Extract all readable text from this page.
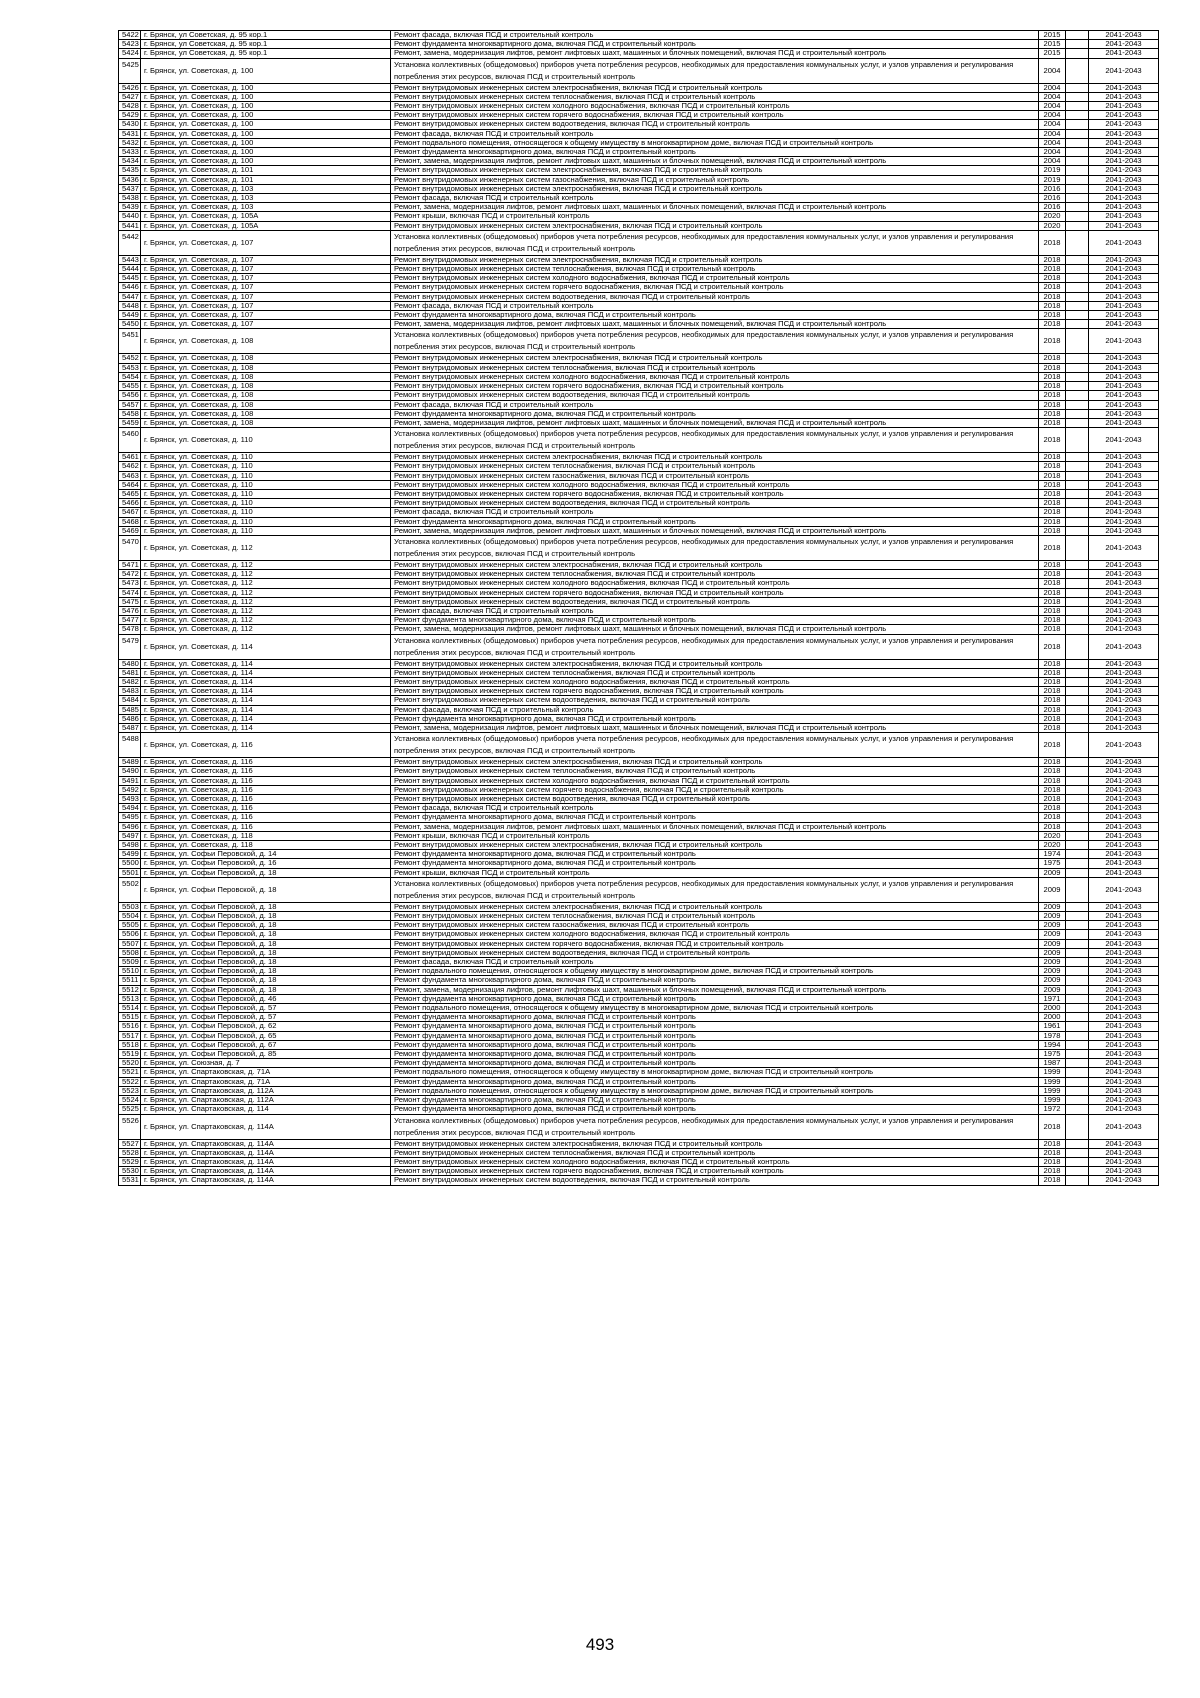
5422	г. Брянск, ул Советская, д. 95 кор.1	Ремонт фасада, включая ПСД и строительный контроль	2015		2041-2043
5423	г. Брянск, ул Советская, д. 95 кор.1	Ремонт фундамента многоквартирного дома, включая ПСД и строительный контроль	2015		2041-2043
5424	г. Брянск, ул Советская, д. 95 кор.1	Ремонт, замена, модернизация лифтов, ремонт лифтовых шахт, машинных и блочных помещений, включая ПСД и строительный контроль	2015		2041-2043
5425	г. Брянск, ул. Советская, д. 100	Установка коллективных (общедомовых) приборов учета потребления ресурсов, необходимых для предоставления коммунальных услуг, и узлов управления и регулирования потребления этих ресурсов, включая ПСД и строительный контроль	2004		2041-2043
5426	г. Брянск, ул. Советская, д. 100	Ремонт внутридомовых инженерных систем электроснабжения, включая ПСД и строительный контроль	2004		2041-2043
5427	г. Брянск, ул. Советская, д. 100	Ремонт внутридомовых инженерных систем теплоснабжения, включая ПСД и строительный контроль	2004		2041-2043
5428	г. Брянск, ул. Советская, д. 100	Ремонт внутридомовых инженерных систем холодного водоснабжения, включая ПСД и строительный контроль	2004		2041-2043
5429	г. Брянск, ул. Советская, д. 100	Ремонт внутридомовых инженерных систем горячего водоснабжения, включая ПСД и строительный контроль	2004		2041-2043
5430	г. Брянск, ул. Советская, д. 100	Ремонт внутридомовых инженерных систем водоотведения, включая ПСД и строительный контроль	2004		2041-2043
5431	г. Брянск, ул. Советская, д. 100	Ремонт фасада, включая ПСД и строительный контроль	2004		2041-2043
5432	г. Брянск, ул. Советская, д. 100	Ремонт подвального помещения, относящегося к общему имуществу в многоквартирном доме, включая ПСД и строительный контроль	2004		2041-2043
5433	г. Брянск, ул. Советская, д. 100	Ремонт фундамента многоквартирного дома, включая ПСД и строительный контроль	2004		2041-2043
5434	г. Брянск, ул. Советская, д. 100	Ремонт, замена, модернизация лифтов, ремонт лифтовых шахт, машинных и блочных помещений, включая ПСД и строительный контроль	2004		2041-2043
5435	г. Брянск, ул. Советская, д. 101	Ремонт внутридомовых инженерных систем электроснабжения, включая ПСД и строительный контроль	2019		2041-2043
5436	г. Брянск, ул. Советская, д. 101	Ремонт внутридомовых инженерных систем газоснабжения, включая ПСД и строительный контроль	2019		2041-2043
5437	г. Брянск, ул. Советская, д. 103	Ремонт внутридомовых инженерных систем электроснабжения, включая ПСД и строительный контроль	2016		2041-2043
5438	г. Брянск, ул. Советская, д. 103	Ремонт фасада, включая ПСД и строительный контроль	2016		2041-2043
5439	г. Брянск, ул. Советская, д. 103	Ремонт, замена, модернизация лифтов, ремонт лифтовых шахт, машинных и блочных помещений, включая ПСД и строительный контроль	2016		2041-2043
5440	г. Брянск, ул. Советская, д. 105А	Ремонт крыши, включая ПСД и строительный контроль	2020		2041-2043
5441	г. Брянск, ул. Советская, д. 105А	Ремонт внутридомовых инженерных систем электроснабжения, включая ПСД и строительный контроль	2020		2041-2043
5442	г. Брянск, ул. Советская, д. 107	Установка коллективных (общедомовых) приборов учета потребления ресурсов, необходимых для предоставления коммунальных услуг, и узлов управления и регулирования потребления этих ресурсов, включая ПСД и строительный контроль	2018		2041-2043
5443	г. Брянск, ул. Советская, д. 107	Ремонт внутридомовых инженерных систем электроснабжения, включая ПСД и строительный контроль	2018		2041-2043
5444	г. Брянск, ул. Советская, д. 107	Ремонт внутридомовых инженерных систем теплоснабжения, включая ПСД и строительный контроль	2018		2041-2043
5445	г. Брянск, ул. Советская, д. 107	Ремонт внутридомовых инженерных систем холодного водоснабжения, включая ПСД и строительный контроль	2018		2041-2043
5446	г. Брянск, ул. Советская, д. 107	Ремонт внутридомовых инженерных систем горячего водоснабжения, включая ПСД и строительный контроль	2018		2041-2043
5447	г. Брянск, ул. Советская, д. 107	Ремонт внутридомовых инженерных систем водоотведения, включая ПСД и строительный контроль	2018		2041-2043
5448	г. Брянск, ул. Советская, д. 107	Ремонт фасада, включая ПСД и строительный контроль	2018		2041-2043
5449	г. Брянск, ул. Советская, д. 107	Ремонт фундамента многоквартирного дома, включая ПСД и строительный контроль	2018		2041-2043
5450	г. Брянск, ул. Советская, д. 107	Ремонт, замена, модернизация лифтов, ремонт лифтовых шахт, машинных и блочных помещений, включая ПСД и строительный контроль	2018		2041-2043
5451	г. Брянск, ул. Советская, д. 108	Установка коллективных (общедомовых) приборов учета потребления ресурсов, необходимых для предоставления коммунальных услуг, и узлов управления и регулирования потребления этих ресурсов, включая ПСД и строительный контроль	2018		2041-2043
5452	г. Брянск, ул. Советская, д. 108	Ремонт внутридомовых инженерных систем электроснабжения, включая ПСД и строительный контроль	2018		2041-2043
5453	г. Брянск, ул. Советская, д. 108	Ремонт внутридомовых инженерных систем теплоснабжения, включая ПСД и строительный контроль	2018		2041-2043
5454	г. Брянск, ул. Советская, д. 108	Ремонт внутридомовых инженерных систем холодного водоснабжения, включая ПСД и строительный контроль	2018		2041-2043
5455	г. Брянск, ул. Советская, д. 108	Ремонт внутридомовых инженерных систем горячего водоснабжения, включая ПСД и строительный контроль	2018		2041-2043
5456	г. Брянск, ул. Советская, д. 108	Ремонт внутридомовых инженерных систем водоотведения, включая ПСД и строительный контроль	2018		2041-2043
5457	г. Брянск, ул. Советская, д. 108	Ремонт фасада, включая ПСД и строительный контроль	2018		2041-2043
5458	г. Брянск, ул. Советская, д. 108	Ремонт фундамента многоквартирного дома, включая ПСД и строительный контроль	2018		2041-2043
5459	г. Брянск, ул. Советская, д. 108	Ремонт, замена, модернизация лифтов, ремонт лифтовых шахт, машинных и блочных помещений, включая ПСД и строительный контроль	2018		2041-2043
5460	г. Брянск, ул. Советская, д. 110	Установка коллективных (общедомовых) приборов учета потребления ресурсов, необходимых для предоставления коммунальных услуг, и узлов управления и регулирования потребления этих ресурсов, включая ПСД и строительный контроль	2018		2041-2043
5461	г. Брянск, ул. Советская, д. 110	Ремонт внутридомовых инженерных систем электроснабжения, включая ПСД и строительный контроль	2018		2041-2043
5462	г. Брянск, ул. Советская, д. 110	Ремонт внутридомовых инженерных систем теплоснабжения, включая ПСД и строительный контроль	2018		2041-2043
5463	г. Брянск, ул. Советская, д. 110	Ремонт внутридомовых инженерных систем газоснабжения, включая ПСД и строительный контроль	2018		2041-2043
5464	г. Брянск, ул. Советская, д. 110	Ремонт внутридомовых инженерных систем холодного водоснабжения, включая ПСД и строительный контроль	2018		2041-2043
5465	г. Брянск, ул. Советская, д. 110	Ремонт внутридомовых инженерных систем горячего водоснабжения, включая ПСД и строительный контроль	2018		2041-2043
5466	г. Брянск, ул. Советская, д. 110	Ремонт внутридомовых инженерных систем водоотведения, включая ПСД и строительный контроль	2018		2041-2043
5467	г. Брянск, ул. Советская, д. 110	Ремонт фасада, включая ПСД и строительный контроль	2018		2041-2043
5468	г. Брянск, ул. Советская, д. 110	Ремонт фундамента многоквартирного дома, включая ПСД и строительный контроль	2018		2041-2043
5469	г. Брянск, ул. Советская, д. 110	Ремонт, замена, модернизация лифтов, ремонт лифтовых шахт, машинных и блочных помещений, включая ПСД и строительный контроль	2018		2041-2043
5470	г. Брянск, ул. Советская, д. 112	Установка коллективных (общедомовых) приборов учета потребления ресурсов, необходимых для предоставления коммунальных услуг, и узлов управления и регулирования потребления этих ресурсов, включая ПСД и строительный контроль	2018		2041-2043
5471	г. Брянск, ул. Советская, д. 112	Ремонт внутридомовых инженерных систем электроснабжения, включая ПСД и строительный контроль	2018		2041-2043
5472	г. Брянск, ул. Советская, д. 112	Ремонт внутридомовых инженерных систем теплоснабжения, включая ПСД и строительный контроль	2018		2041-2043
5473	г. Брянск, ул. Советская, д. 112	Ремонт внутридомовых инженерных систем холодного водоснабжения, включая ПСД и строительный контроль	2018		2041-2043
5474	г. Брянск, ул. Советская, д. 112	Ремонт внутридомовых инженерных систем горячего водоснабжения, включая ПСД и строительный контроль	2018		2041-2043
5475	г. Брянск, ул. Советская, д. 112	Ремонт внутридомовых инженерных систем водоотведения, включая ПСД и строительный контроль	2018		2041-2043
5476	г. Брянск, ул. Советская, д. 112	Ремонт фасада, включая ПСД и строительный контроль	2018		2041-2043
5477	г. Брянск, ул. Советская, д. 112	Ремонт фундамента многоквартирного дома, включая ПСД и строительный контроль	2018		2041-2043
5478	г. Брянск, ул. Советская, д. 112	Ремонт, замена, модернизация лифтов, ремонт лифтовых шахт, машинных и блочных помещений, включая ПСД и строительный контроль	2018		2041-2043
5479	г. Брянск, ул. Советская, д. 114	Установка коллективных (общедомовых) приборов учета потребления ресурсов, необходимых для предоставления коммунальных услуг, и узлов управления и регулирования потребления этих ресурсов, включая ПСД и строительный контроль	2018		2041-2043
5480	г. Брянск, ул. Советская, д. 114	Ремонт внутридомовых инженерных систем электроснабжения, включая ПСД и строительный контроль	2018		2041-2043
5481	г. Брянск, ул. Советская, д. 114	Ремонт внутридомовых инженерных систем теплоснабжения, включая ПСД и строительный контроль	2018		2041-2043
5482	г. Брянск, ул. Советская, д. 114	Ремонт внутридомовых инженерных систем холодного водоснабжения, включая ПСД и строительный контроль	2018		2041-2043
5483	г. Брянск, ул. Советская, д. 114	Ремонт внутридомовых инженерных систем горячего водоснабжения, включая ПСД и строительный контроль	2018		2041-2043
5484	г. Брянск, ул. Советская, д. 114	Ремонт внутридомовых инженерных систем водоотведения, включая ПСД и строительный контроль	2018		2041-2043
5485	г. Брянск, ул. Советская, д. 114	Ремонт фасада, включая ПСД и строительный контроль	2018		2041-2043
5486	г. Брянск, ул. Советская, д. 114	Ремонт фундамента многоквартирного дома, включая ПСД и строительный контроль	2018		2041-2043
5487	г. Брянск, ул. Советская, д. 114	Ремонт, замена, модернизация лифтов, ремонт лифтовых шахт, машинных и блочных помещений, включая ПСД и строительный контроль	2018		2041-2043
5488	г. Брянск, ул. Советская, д. 116	Установка коллективных (общедомовых) приборов учета потребления ресурсов, необходимых для предоставления коммунальных услуг, и узлов управления и регулирования потребления этих ресурсов, включая ПСД и строительный контроль	2018		2041-2043
5489	г. Брянск, ул. Советская, д. 116	Ремонт внутридомовых инженерных систем электроснабжения, включая ПСД и строительный контроль	2018		2041-2043
5490	г. Брянск, ул. Советская, д. 116	Ремонт внутридомовых инженерных систем теплоснабжения, включая ПСД и строительный контроль	2018		2041-2043
5491	г. Брянск, ул. Советская, д. 116	Ремонт внутридомовых инженерных систем холодного водоснабжения, включая ПСД и строительный контроль	2018		2041-2043
5492	г. Брянск, ул. Советская, д. 116	Ремонт внутридомовых инженерных систем горячего водоснабжения, включая ПСД и строительный контроль	2018		2041-2043
5493	г. Брянск, ул. Советская, д. 116	Ремонт внутридомовых инженерных систем водоотведения, включая ПСД и строительный контроль	2018		2041-2043
5494	г. Брянск, ул. Советская, д. 116	Ремонт фасада, включая ПСД и строительный контроль	2018		2041-2043
5495	г. Брянск, ул. Советская, д. 116	Ремонт фундамента многоквартирного дома, включая ПСД и строительный контроль	2018		2041-2043
5496	г. Брянск, ул. Советская, д. 116	Ремонт, замена, модернизация лифтов, ремонт лифтовых шахт, машинных и блочных помещений, включая ПСД и строительный контроль	2018		2041-2043
5497	г. Брянск, ул. Советская, д. 118	Ремонт крыши, включая ПСД и строительный контроль	2020		2041-2043
5498	г. Брянск, ул. Советская, д. 118	Ремонт внутридомовых инженерных систем электроснабжения, включая ПСД и строительный контроль	2020		2041-2043
5499	г. Брянск, ул. Софьи Перовской, д. 14	Ремонт фундамента многоквартирного дома, включая ПСД и строительный контроль	1974		2041-2043
5500	г. Брянск, ул. Софьи Перовской, д. 16	Ремонт фундамента многоквартирного дома, включая ПСД и строительный контроль	1975		2041-2043
5501	г. Брянск, ул. Софьи Перовской, д. 18	Ремонт крыши, включая ПСД и строительный контроль	2009		2041-2043
5502	г. Брянск, ул. Софьи Перовской, д. 18	Установка коллективных (общедомовых) приборов учета потребления ресурсов, необходимых для предоставления коммунальных услуг, и узлов управления и регулирования потребления этих ресурсов, включая ПСД и строительный контроль	2009		2041-2043
5503	г. Брянск, ул. Софьи Перовской, д. 18	Ремонт внутридомовых инженерных систем электроснабжения, включая ПСД и строительный контроль	2009		2041-2043
5504	г. Брянск, ул. Софьи Перовской, д. 18	Ремонт внутридомовых инженерных систем теплоснабжения, включая ПСД и строительный контроль	2009		2041-2043
5505	г. Брянск, ул. Софьи Перовской, д. 18	Ремонт внутридомовых инженерных систем газоснабжения, включая ПСД и строительный контроль	2009		2041-2043
5506	г. Брянск, ул. Софьи Перовской, д. 18	Ремонт внутридомовых инженерных систем холодного водоснабжения, включая ПСД и строительный контроль	2009		2041-2043
5507	г. Брянск, ул. Софьи Перовской, д. 18	Ремонт внутридомовых инженерных систем горячего водоснабжения, включая ПСД и строительный контроль	2009		2041-2043
5508	г. Брянск, ул. Софьи Перовской, д. 18	Ремонт внутридомовых инженерных систем водоотведения, включая ПСД и строительный контроль	2009		2041-2043
5509	г. Брянск, ул. Софьи Перовской, д. 18	Ремонт фасада, включая ПСД и строительный контроль	2009		2041-2043
5510	г. Брянск, ул. Софьи Перовской, д. 18	Ремонт подвального помещения, относящегося к общему имуществу в многоквартирном доме, включая ПСД и строительный контроль	2009		2041-2043
5511	г. Брянск, ул. Софьи Перовской, д. 18	Ремонт фундамента многоквартирного дома, включая ПСД и строительный контроль	2009		2041-2043
5512	г. Брянск, ул. Софьи Перовской, д. 18	Ремонт, замена, модернизация лифтов, ремонт лифтовых шахт, машинных и блочных помещений, включая ПСД и строительный контроль	2009		2041-2043
5513	г. Брянск, ул. Софьи Перовской, д. 46	Ремонт фундамента многоквартирного дома, включая ПСД и строительный контроль	1971		2041-2043
5514	г. Брянск, ул. Софьи Перовской, д. 57	Ремонт подвального помещения, относящегося к общему имуществу в многоквартирном доме, включая ПСД и строительный контроль	2000		2041-2043
5515	г. Брянск, ул. Софьи Перовской, д. 57	Ремонт фундамента многоквартирного дома, включая ПСД и строительный контроль	2000		2041-2043
5516	г. Брянск, ул. Софьи Перовской, д. 62	Ремонт фундамента многоквартирного дома, включая ПСД и строительный контроль	1961		2041-2043
5517	г. Брянск, ул. Софьи Перовской, д. 65	Ремонт фундамента многоквартирного дома, включая ПСД и строительный контроль	1978		2041-2043
5518	г. Брянск, ул. Софьи Перовской, д. 67	Ремонт фундамента многоквартирного дома, включая ПСД и строительный контроль	1994		2041-2043
5519	г. Брянск, ул. Софьи Перовской, д. 85	Ремонт фундамента многоквартирного дома, включая ПСД и строительный контроль	1975		2041-2043
5520	г. Брянск, ул. Союзная, д. 7	Ремонт фундамента многоквартирного дома, включая ПСД и строительный контроль	1987		2041-2043
5521	г. Брянск, ул. Спартаковская, д. 71А	Ремонт подвального помещения, относящегося к общему имуществу в многоквартирном доме, включая ПСД и строительный контроль	1999		2041-2043
5522	г. Брянск, ул. Спартаковская, д. 71А	Ремонт фундамента многоквартирного дома, включая ПСД и строительный контроль	1999		2041-2043
5523	г. Брянск, ул. Спартаковская, д. 112А	Ремонт подвального помещения, относящегося к общему имуществу в многоквартирном доме, включая ПСД и строительный контроль	1999		2041-2043
5524	г. Брянск, ул. Спартаковская, д. 112А	Ремонт фундамента многоквартирного дома, включая ПСД и строительный контроль	1999		2041-2043
5525	г. Брянск, ул. Спартаковская, д. 114	Ремонт фундамента многоквартирного дома, включая ПСД и строительный контроль	1972		2041-2043
5526	г. Брянск, ул. Спартаковская, д. 114А	Установка коллективных (общедомовых) приборов учета потребления ресурсов, необходимых для предоставления коммунальных услуг, и узлов управления и регулирования потребления этих ресурсов, включая ПСД и строительный контроль	2018		2041-2043
5527	г. Брянск, ул. Спартаковская, д. 114А	Ремонт внутридомовых инженерных систем электроснабжения, включая ПСД и строительный контроль	2018		2041-2043
5528	г. Брянск, ул. Спартаковская, д. 114А	Ремонт внутридомовых инженерных систем теплоснабжения, включая ПСД и строительный контроль	2018		2041-2043
5529	г. Брянск, ул. Спартаковская, д. 114А	Ремонт внутридомовых инженерных систем холодного водоснабжения, включая ПСД и строительный контроль	2018		2041-2043
5530	г. Брянск, ул. Спартаковская, д. 114А	Ремонт внутридомовых инженерных систем горячего водоснабжения, включая ПСД и строительный контроль	2018		2041-2043
5531	г. Брянск, ул. Спартаковская, д. 114А	Ремонт внутридомовых инженерных систем водоотведения, включая ПСД и строительный контроль	2018		2041-2043
493
